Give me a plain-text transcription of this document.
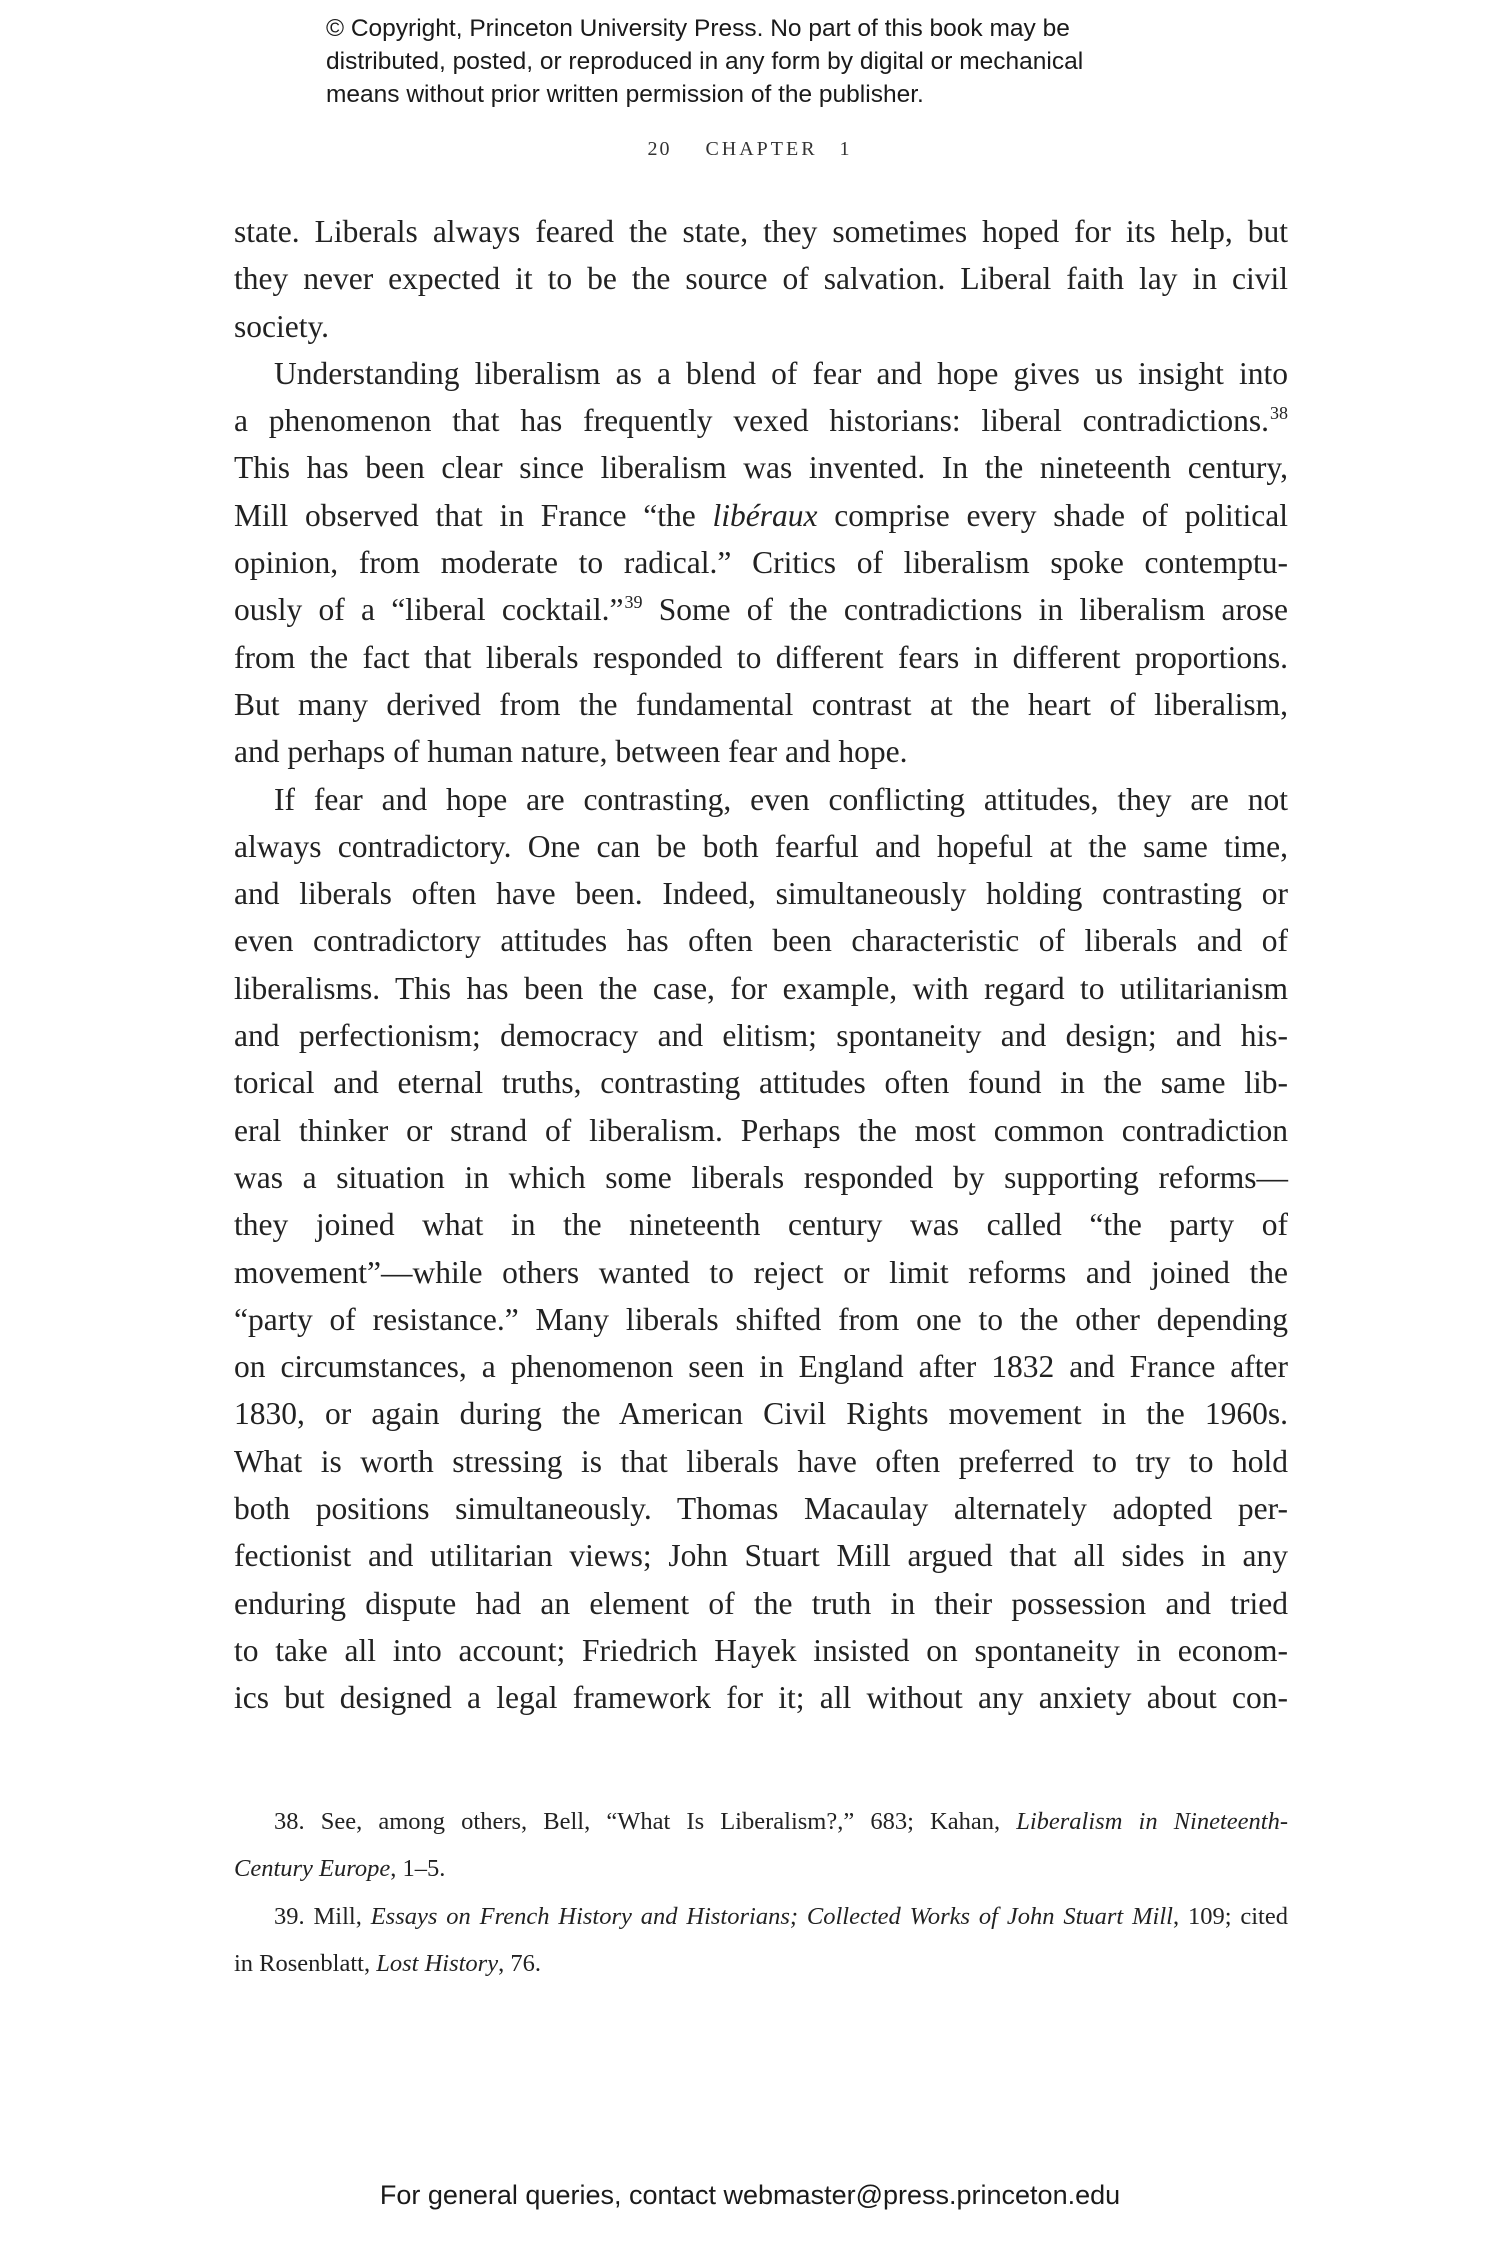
© Copyright, Princeton University Press. No part of this book may be
distributed, posted, or reproduced in any form by digital or mechanical
means without prior written permission of the publisher.
20 CHAPTER 1
state. Liberals always feared the state, they sometimes hoped for its help, but
they never expected it to be the source of salvation. Liberal faith lay in civil
society.
Understanding liberalism as a blend of fear and hope gives us insight into
a phenomenon that has frequently vexed historians: liberal contradictions.$^{38}$
This has been clear since liberalism was invented. In the nineteenth century,
Mill observed that in France “the libéraux comprise every shade of political
opinion, from moderate to radical.” Critics of liberalism spoke contemptu-
ously of a “liberal cocktail.”$^{39}$ Some of the contradictions in liberalism arose
from the fact that liberals responded to different fears in different proportions.
But many derived from the fundamental contrast at the heart of liberalism,
and perhaps of human nature, between fear and hope.
If fear and hope are contrasting, even conflicting attitudes, they are not
always contradictory. One can be both fearful and hopeful at the same time,
and liberals often have been. Indeed, simultaneously holding contrasting or
even contradictory attitudes has often been characteristic of liberals and of
liberalisms. This has been the case, for example, with regard to utilitarianism
and perfectionism; democracy and elitism; spontaneity and design; and his-
torical and eternal truths, contrasting attitudes often found in the same lib-
eral thinker or strand of liberalism. Perhaps the most common contradiction
was a situation in which some liberals responded by supporting reforms—
they joined what in the nineteenth century was called “the party of
movement”—while others wanted to reject or limit reforms and joined the
“party of resistance.” Many liberals shifted from one to the other depending
on circumstances, a phenomenon seen in England after 1832 and France after
1830, or again during the American Civil Rights movement in the 1960s.
What is worth stressing is that liberals have often preferred to try to hold
both positions simultaneously. Thomas Macaulay alternately adopted per-
fectionist and utilitarian views; John Stuart Mill argued that all sides in any
enduring dispute had an element of the truth in their possession and tried
to take all into account; Friedrich Hayek insisted on spontaneity in econom-
ics but designed a legal framework for it; all without any anxiety about con-
38. See, among others, Bell, “What Is Liberalism?,” 683; Kahan, Liberalism in Nineteenth-
Century Europe, 1–5.
39. Mill, Essays on French History and Historians; Collected Works of John Stuart Mill, 109; cited
in Rosenblatt, Lost History, 76.
For general queries, contact webmaster@press.princeton.edu
